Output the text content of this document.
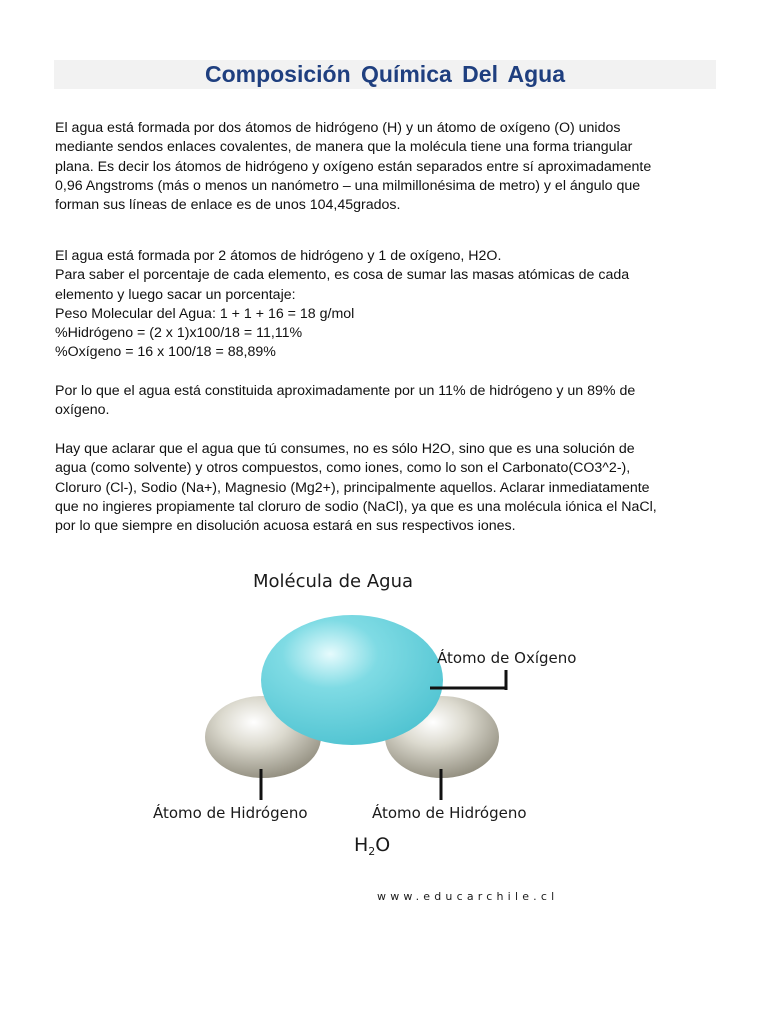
Composición Química Del Agua
El agua está formada por dos átomos de hidrógeno (H) y un átomo de oxígeno (O) unidos
mediante sendos enlaces covalentes, de manera que la molécula tiene una forma triangular
plana. Es decir los átomos de hidrógeno y oxígeno están separados entre sí aproximadamente
0,96 Angstroms (más o menos un nanómetro – una milmillonésima de metro) y el ángulo que
forman sus líneas de enlace es de unos 104,45grados.
El agua está formada por 2 átomos de hidrógeno y 1 de oxígeno, H2O.
Para saber el porcentaje de cada elemento, es cosa de sumar las masas atómicas de cada
elemento y luego sacar un porcentaje:
Peso Molecular del Agua: 1 + 1 + 16 = 18 g/mol
%Hidrógeno = (2 x 1)x100/18 = 11,11%
%Oxígeno = 16 x 100/18 = 88,89%
Por lo que el agua está constituida aproximadamente por un 11% de hidrógeno y un 89% de
oxígeno.
Hay que aclarar que el agua que tú consumes, no es sólo H2O, sino que es una solución de
agua (como solvente) y otros compuestos, como iones, como lo son el Carbonato(CO3^2-),
Cloruro (Cl-), Sodio (Na+), Magnesio (Mg2+), principalmente aquellos. Aclarar inmediatamente
que no ingieres propiamente tal cloruro de sodio (NaCl), ya que es una molécula iónica el NaCl,
por lo que siempre en disolución acuosa estará en sus respectivos iones.
Molécula de Agua
Átomo de Oxígeno
Átomo de Hidrógeno	Átomo de Hidrógeno
$H_2O$
www.educarchile.cl
